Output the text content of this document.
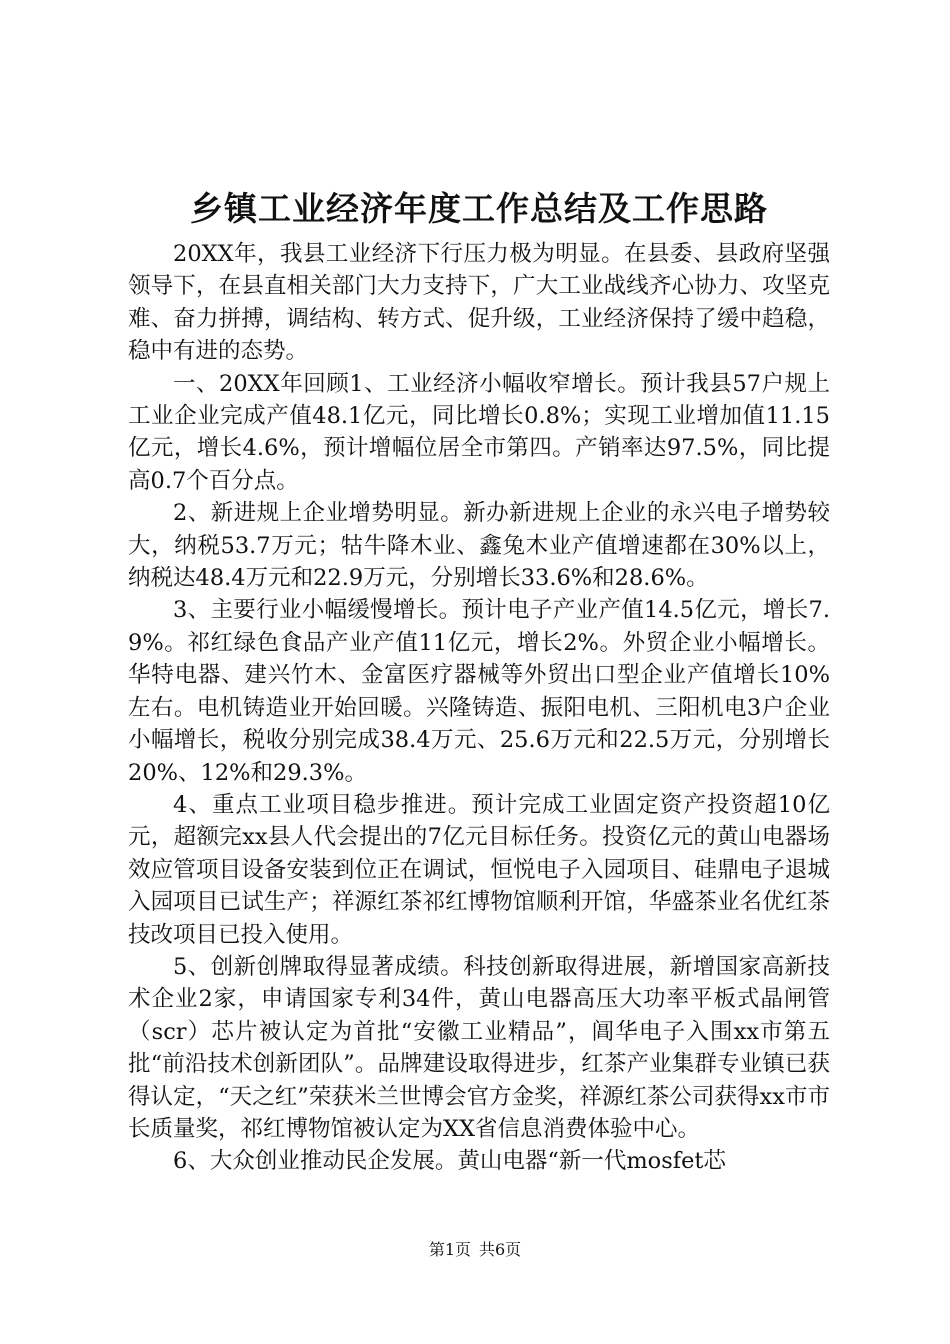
乡镇工业经济年度工作总结及工作思路

20XX年，我县工业经济下行压力极为明显。在县委、县政府坚强领导下，在县直相关部门大力支持下，广大工业战线齐心协力、攻坚克难、奋力拼搏，调结构、转方式、促升级，工业经济保持了缓中趋稳，稳中有进的态势。

一、20XX年回顾1、工业经济小幅收窄增长。预计我县57户规上工业企业完成产值48.1亿元，同比增长0.8%；实现工业增加值11.15亿元，增长4.6%，预计增幅位居全市第四。产销率达97.5%，同比提高0.7个百分点。

2、新进规上企业增势明显。新办新进规上企业的永兴电子增势较大，纳税53.7万元；牯牛降木业、鑫兔木业产值增速都在30%以上，纳税达48.4万元和22.9万元，分别增长33.6%和28.6%。

3、主要行业小幅缓慢增长。预计电子产业产值14.5亿元，增长7.9%。祁红绿色食品产业产值11亿元，增长2%。外贸企业小幅增长。华特电器、建兴竹木、金富医疗器械等外贸出口型企业产值增长10%左右。电机铸造业开始回暖。兴隆铸造、振阳电机、三阳机电3户企业小幅增长，税收分别完成38.4万元、25.6万元和22.5万元，分别增长20%、12%和29.3%。

4、重点工业项目稳步推进。预计完成工业固定资产投资超10亿元，超额完xx县人代会提出的7亿元目标任务。投资亿元的黄山电器场效应管项目设备安装到位正在调试，恒悦电子入园项目、硅鼎电子退城入园项目已试生产；祥源红茶祁红博物馆顺利开馆，华盛茶业名优红茶技改项目已投入使用。

5、创新创牌取得显著成绩。科技创新取得进展，新增国家高新技术企业2家，申请国家专利34件，黄山电器高压大功率平板式晶闸管（scr）芯片被认定为首批“安徽工业精品”，阊华电子入围xx市第五批“前沿技术创新团队”。品牌建设取得进步，红茶产业集群专业镇已获得认定，“天之红”荣获米兰世博会官方金奖，祥源红茶公司获得xx市市长质量奖，祁红博物馆被认定为XX省信息消费体验中心。

6、大众创业推动民企发展。黄山电器“新一代mosfet芯

第1页 共6页
